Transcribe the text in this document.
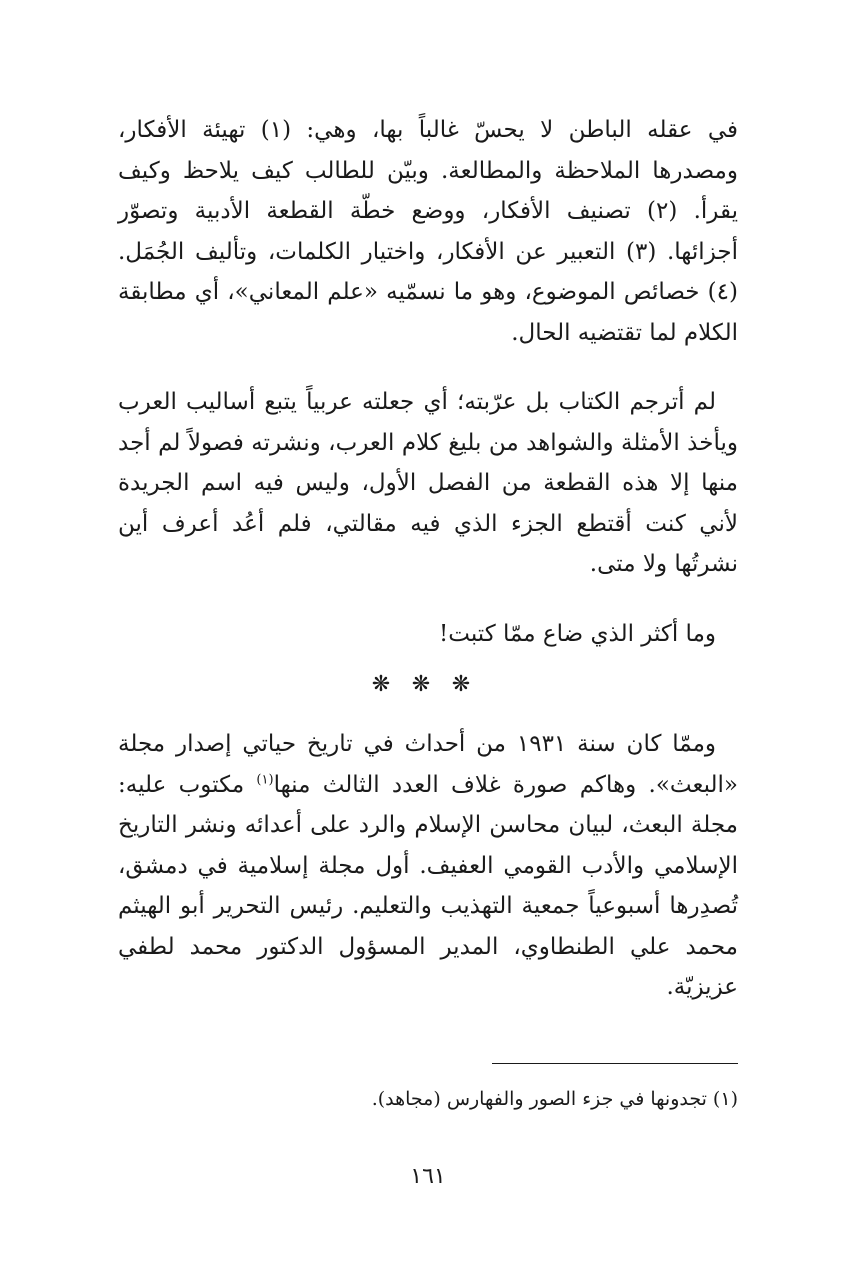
في عقله الباطن لا يحسّ غالباً بها، وهي: (١) تهيئة الأفكار، ومصدرها الملاحظة والمطالعة. وبيّن للطالب كيف يلاحظ وكيف يقرأ. (٢) تصنيف الأفكار، ووضع خطّة القطعة الأدبية وتصوّر أجزائها. (٣) التعبير عن الأفكار، واختيار الكلمات، وتأليف الجُمَل. (٤) خصائص الموضوع، وهو ما نسمّيه «علم المعاني»، أي مطابقة الكلام لما تقتضيه الحال.

لم أترجم الكتاب بل عرّبته؛ أي جعلته عربياً يتبع أساليب العرب ويأخذ الأمثلة والشواهد من بليغ كلام العرب، ونشرته فصولاً لم أجد منها إلا هذه القطعة من الفصل الأول، وليس فيه اسم الجريدة لأني كنت أقتطع الجزء الذي فيه مقالتي، فلم أعُد أعرف أين نشرتُها ولا متى.

وما أكثر الذي ضاع ممّا كتبت!

❋ ❋ ❋

وممّا كان سنة ١٩٣١ من أحداث في تاريخ حياتي إصدار مجلة «البعث». وهاكم صورة غلاف العدد الثالث منها$^{(١)}$ مكتوب عليه: مجلة البعث، لبيان محاسن الإسلام والرد على أعدائه ونشر التاريخ الإسلامي والأدب القومي العفيف. أول مجلة إسلامية في دمشق، تُصدِرها أسبوعياً جمعية التهذيب والتعليم. رئيس التحرير أبو الهيثم محمد علي الطنطاوي، المدير المسؤول الدكتور محمد لطفي عزيزيّة.

(١) تجدونها في جزء الصور والفهارس (مجاهد).
١٦١
